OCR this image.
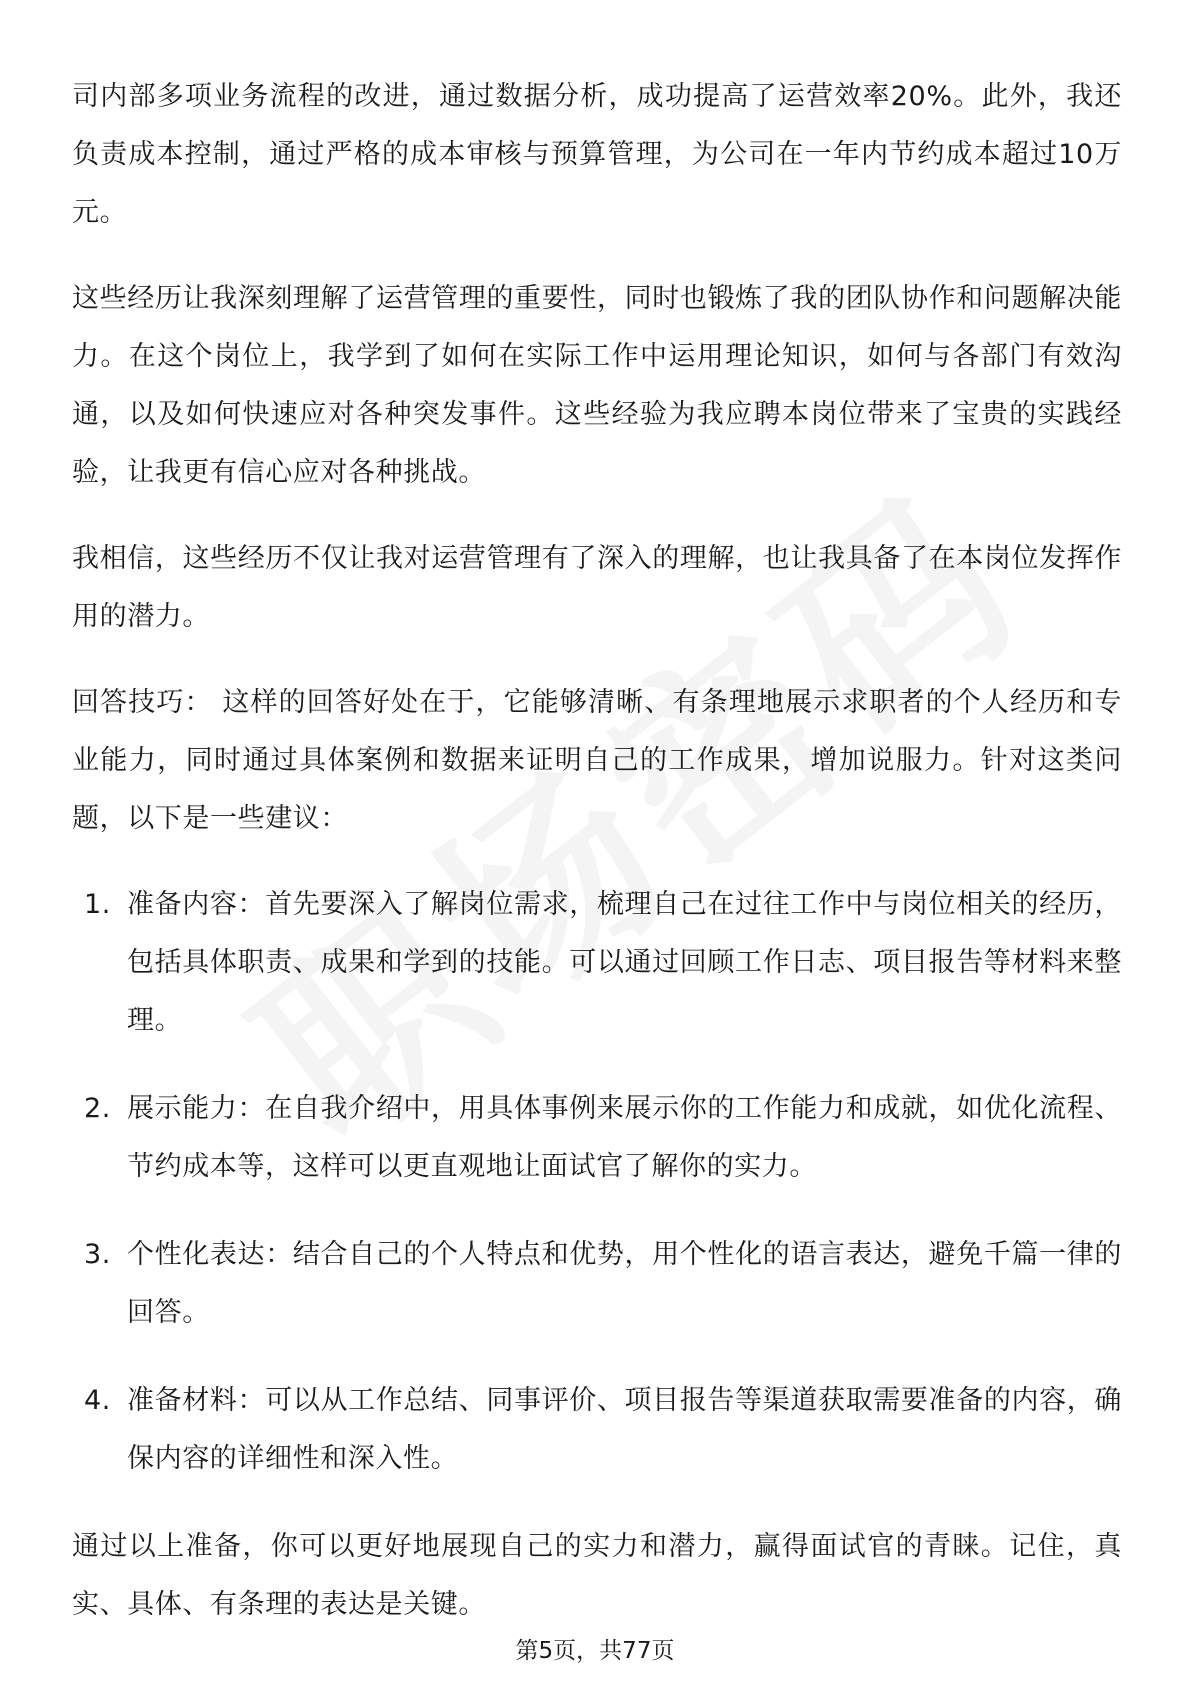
司内部多项业务流程的改进，通过数据分析，成功提高了运营效率20%。此外，我还负责成本控制，通过严格的成本审核与预算管理，为公司在一年内节约成本超过10万元。

这些经历让我深刻理解了运营管理的重要性，同时也锻炼了我的团队协作和问题解决能力。在这个岗位上，我学到了如何在实际工作中运用理论知识，如何与各部门有效沟通，以及如何快速应对各种突发事件。这些经验为我应聘本岗位带来了宝贵的实践经验，让我更有信心应对各种挑战。

我相信，这些经历不仅让我对运营管理有了深入的理解，也让我具备了在本岗位发挥作用的潜力。

回答技巧： 这样的回答好处在于，它能够清晰、有条理地展示求职者的个人经历和专业能力，同时通过具体案例和数据来证明自己的工作成果，增加说服力。针对这类问题，以下是一些建议：

1. 准备内容：首先要深入了解岗位需求，梳理自己在过往工作中与岗位相关的经历，包括具体职责、成果和学到的技能。可以通过回顾工作日志、项目报告等材料来整理。
2. 展示能力：在自我介绍中，用具体事例来展示你的工作能力和成就，如优化流程、节约成本等，这样可以更直观地让面试官了解你的实力。
3. 个性化表达：结合自己的个人特点和优势，用个性化的语言表达，避免千篇一律的回答。
4. 准备材料：可以从工作总结、同事评价、项目报告等渠道获取需要准备的内容，确保内容的详细性和深入性。

通过以上准备，你可以更好地展现自己的实力和潜力，赢得面试官的青睐。记住，真实、具体、有条理的表达是关键。

第5页，共77页
